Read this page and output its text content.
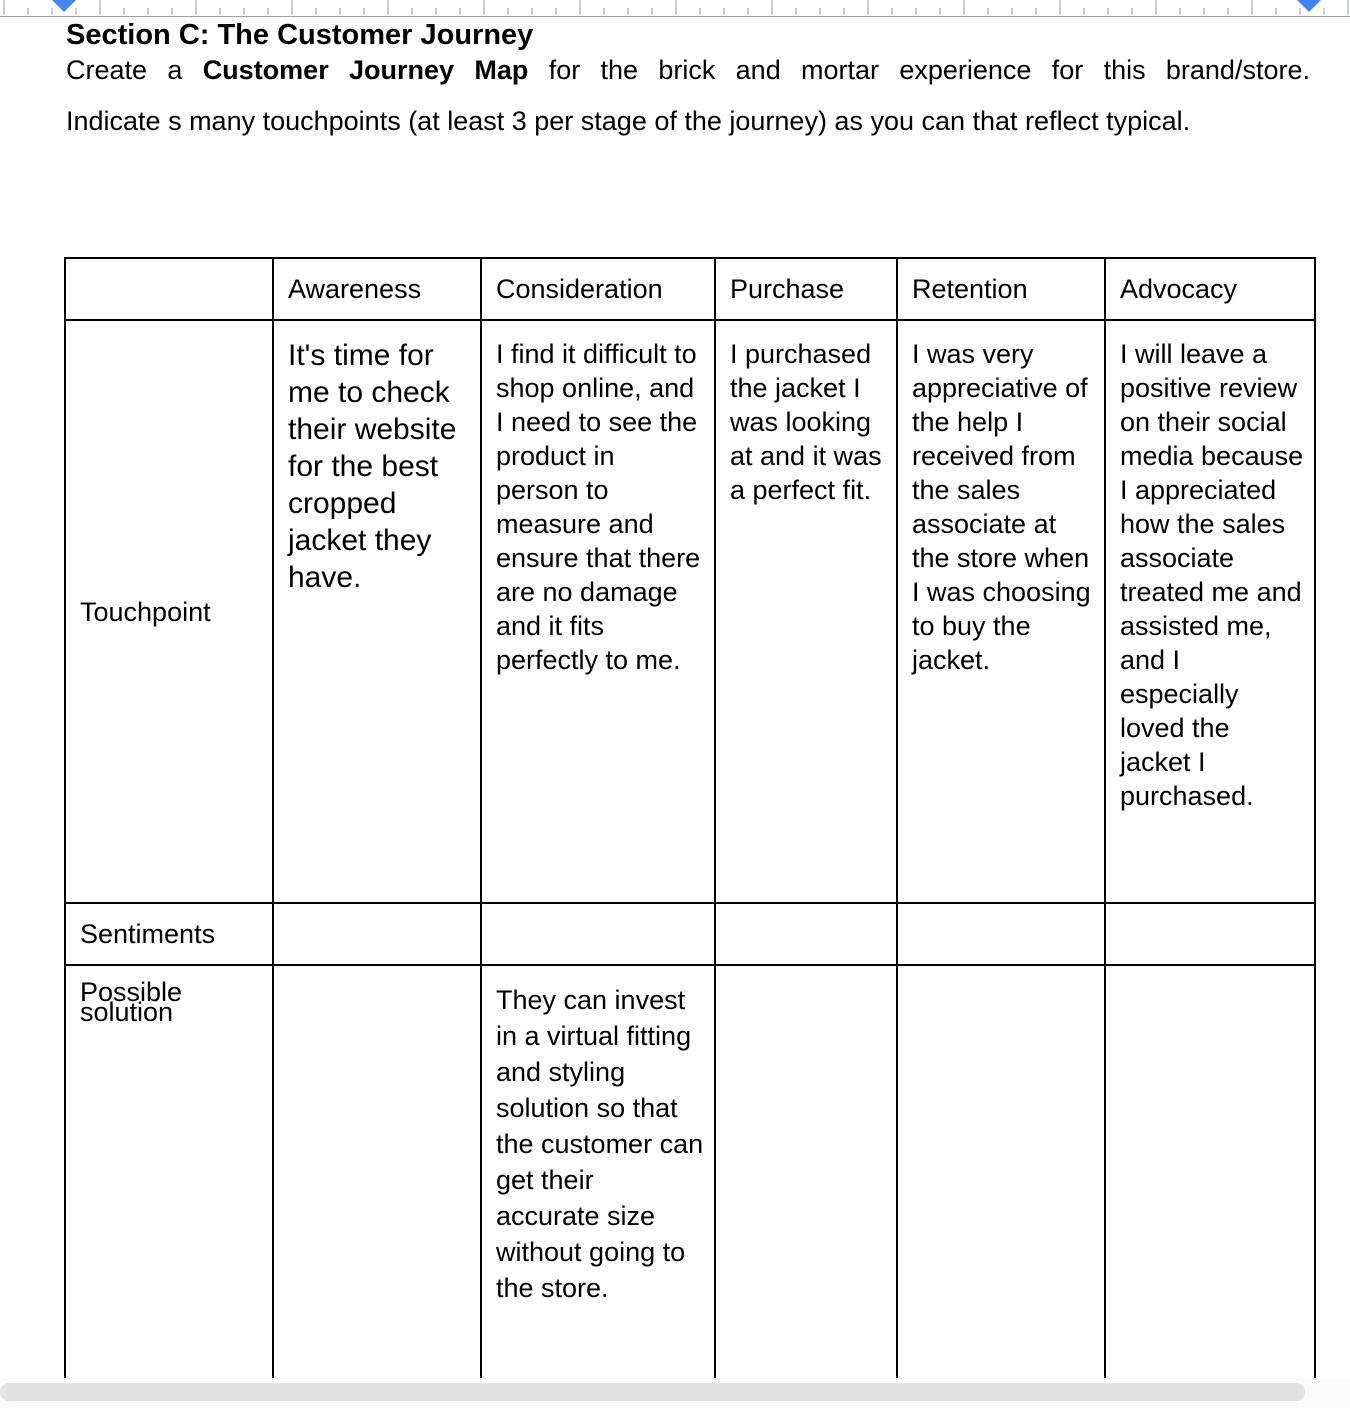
Section C: The Customer Journey

Create a Customer Journey Map for the brick and mortar experience for this brand/store.

Indicate s many touchpoints (at least 3 per stage of the journey) as you can that reflect typical.

	Awareness	Consideration	Purchase	Retention	Advocacy
Touchpoint	It's time for me to check their website for the best cropped jacket they have.	I find it difficult to shop online, and I need to see the product in person to measure and ensure that there are no damage and it fits perfectly to me.	I purchased the jacket I was looking at and it was a perfect fit.	I was very appreciative of the help I received from the sales associate at the store when I was choosing to buy the jacket.	I will leave a positive review on their social media because I appreciated how the sales associate treated me and assisted me, and I especially loved the jacket I purchased.
Sentiments					
Possible solution		They can invest in a virtual fitting and styling solution so that the customer can get their accurate size without going to the store.			
